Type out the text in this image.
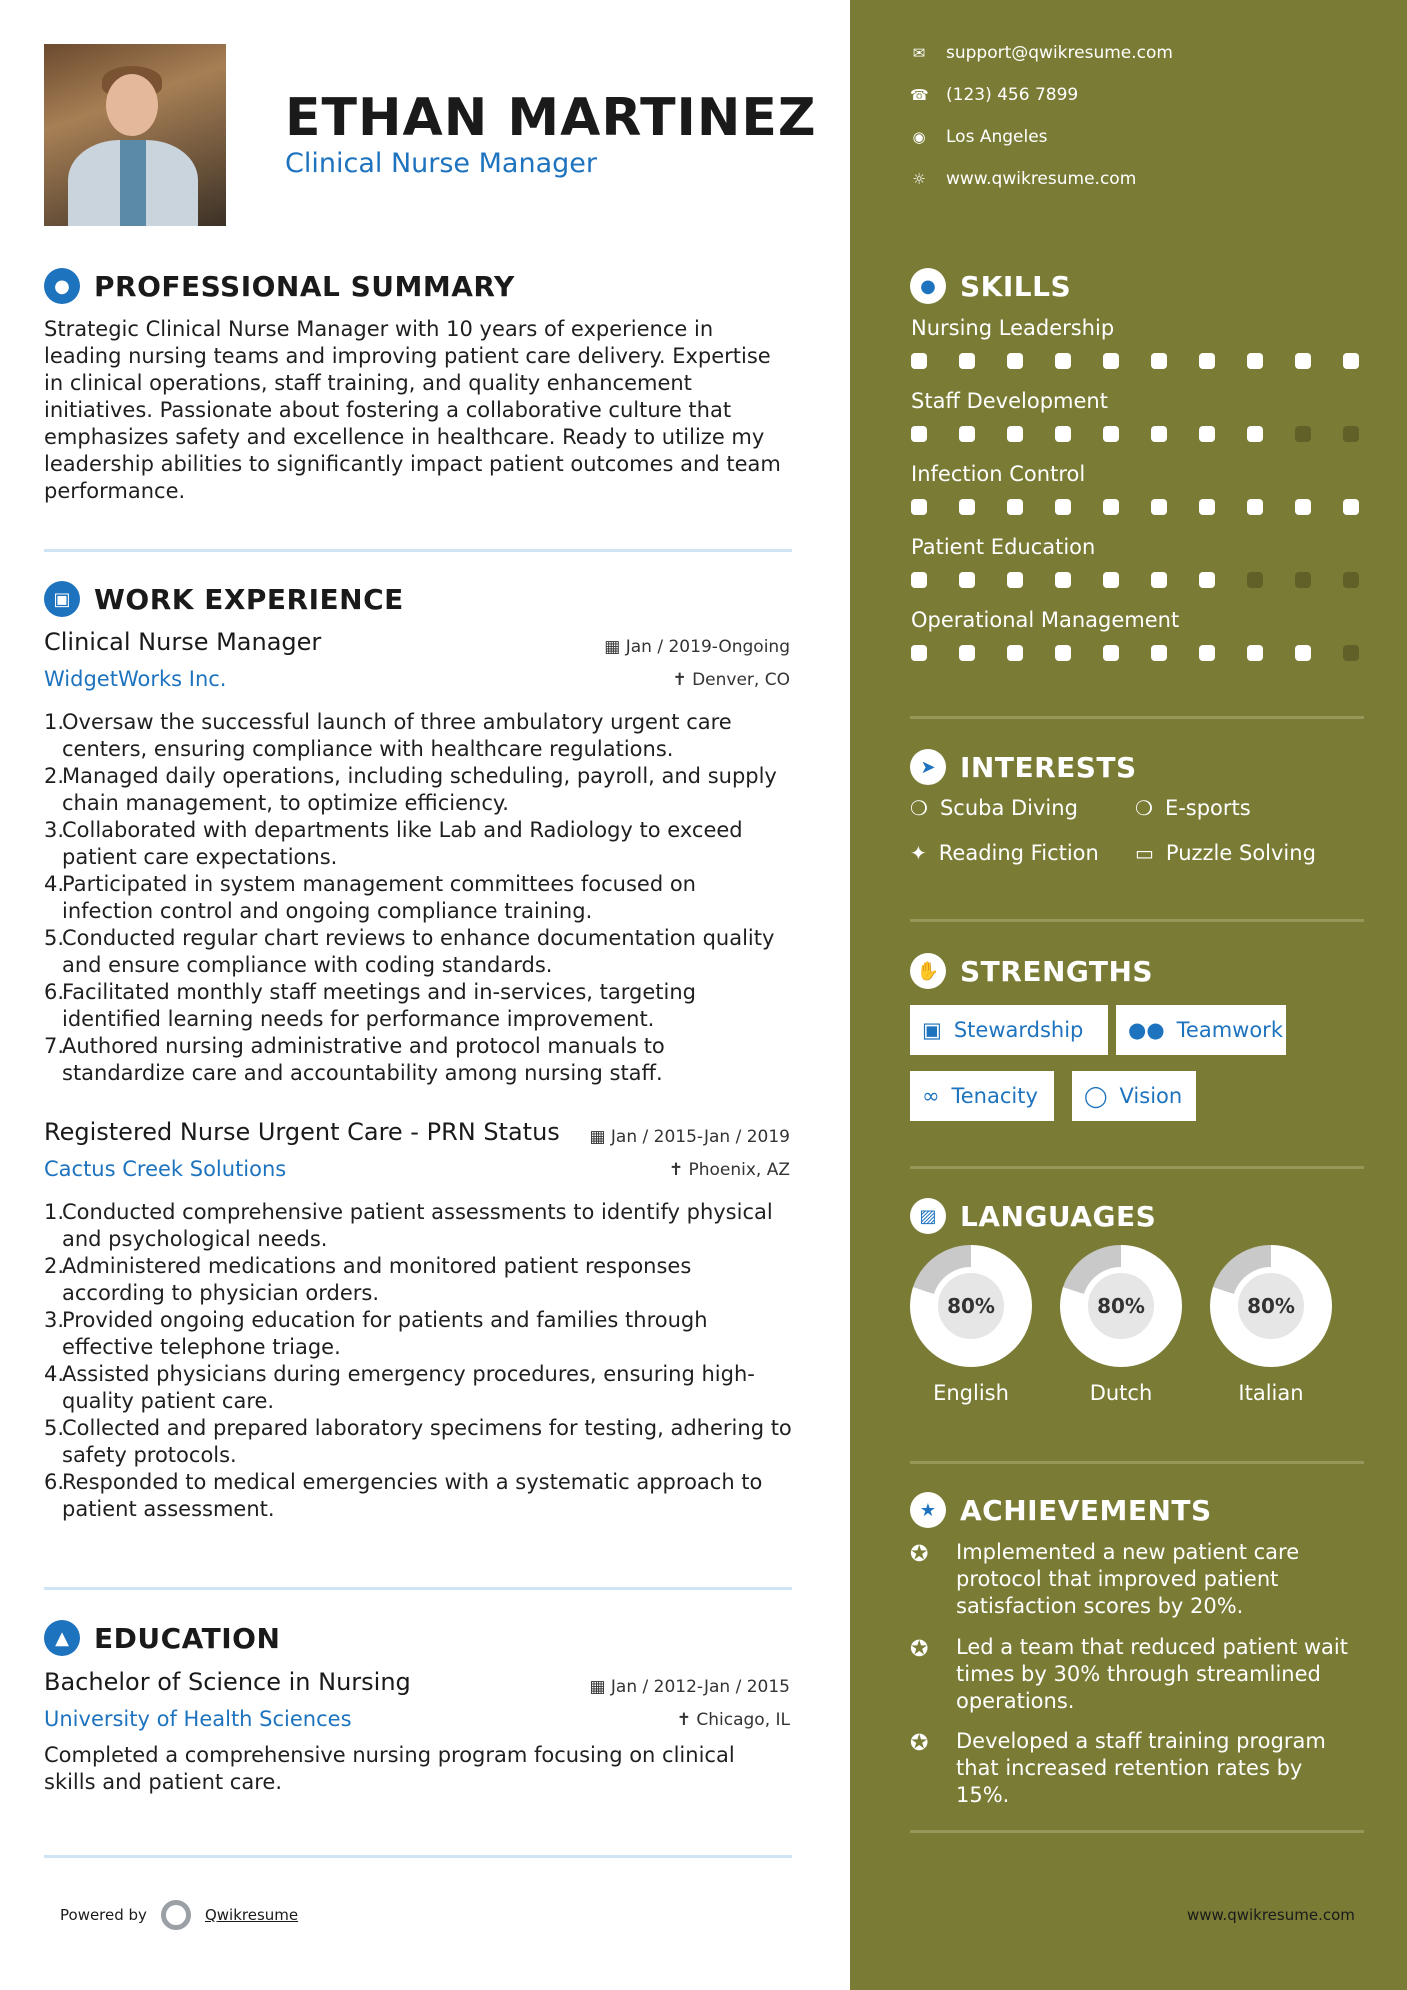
ETHAN MARTINEZ
Clinical Nurse Manager
● PROFESSIONAL SUMMARY
Strategic Clinical Nurse Manager with 10 years of experience in leading nursing teams and improving patient care delivery. Expertise in clinical operations, staff training, and quality enhancement initiatives. Passionate about fostering a collaborative culture that emphasizes safety and excellence in healthcare. Ready to utilize my leadership abilities to significantly impact patient outcomes and team performance.
▣ WORK EXPERIENCE
Clinical Nurse Manager	▦ Jan / 2019-Ongoing
WidgetWorks Inc.	✝ Denver, CO
1.
Oversaw the successful launch of three ambulatory urgent care centers, ensuring compliance with healthcare regulations.
2.
Managed daily operations, including scheduling, payroll, and supply chain management, to optimize efficiency.
3.
Collaborated with departments like Lab and Radiology to exceed patient care expectations.
4.
Participated in system management committees focused on infection control and ongoing compliance training.
5.
Conducted regular chart reviews to enhance documentation quality and ensure compliance with coding standards.
6.
Facilitated monthly staff meetings and in-services, targeting identified learning needs for performance improvement.
7.
Authored nursing administrative and protocol manuals to standardize care and accountability among nursing staff.
Registered Nurse Urgent Care - PRN Status	▦ Jan / 2015-Jan / 2019
Cactus Creek Solutions	✝ Phoenix, AZ
1.
Conducted comprehensive patient assessments to identify physical and psychological needs.
2.
Administered medications and monitored patient responses according to physician orders.
3.
Provided ongoing education for patients and families through effective telephone triage.
4.
Assisted physicians during emergency procedures, ensuring high-quality patient care.
5.
Collected and prepared laboratory specimens for testing, adhering to safety protocols.
6.
Responded to medical emergencies with a systematic approach to patient assessment.
▲ EDUCATION
Bachelor of Science in Nursing	▦ Jan / 2012-Jan / 2015
University of Health Sciences	✝ Chicago, IL
Completed a comprehensive nursing program focusing on clinical skills and patient care.
Powered by	Qwikresume
✉ support@qwikresume.com
☎ (123) 456 7899
◉ Los Angeles
☼ www.qwikresume.com
● SKILLS
Nursing Leadership
Staff Development
Infection Control
Patient Education
Operational Management
➤ INTERESTS
❍ Scuba Diving	❍ E-sports
✦ Reading Fiction ▭ Puzzle Solving
✋ STRENGTHS
▣ Stewardship ●● Teamwork
∞ Tenacity ◯ Vision
▨ LANGUAGES
80%	80%	80%
English	Dutch	Italian
★ ACHIEVEMENTS
✪	Implemented a new patient care protocol that improved patient satisfaction scores by 20%.
✪	Led a team that reduced patient wait times by 30% through streamlined operations.
✪	Developed a staff training program that increased retention rates by 15%.
www.qwikresume.com
